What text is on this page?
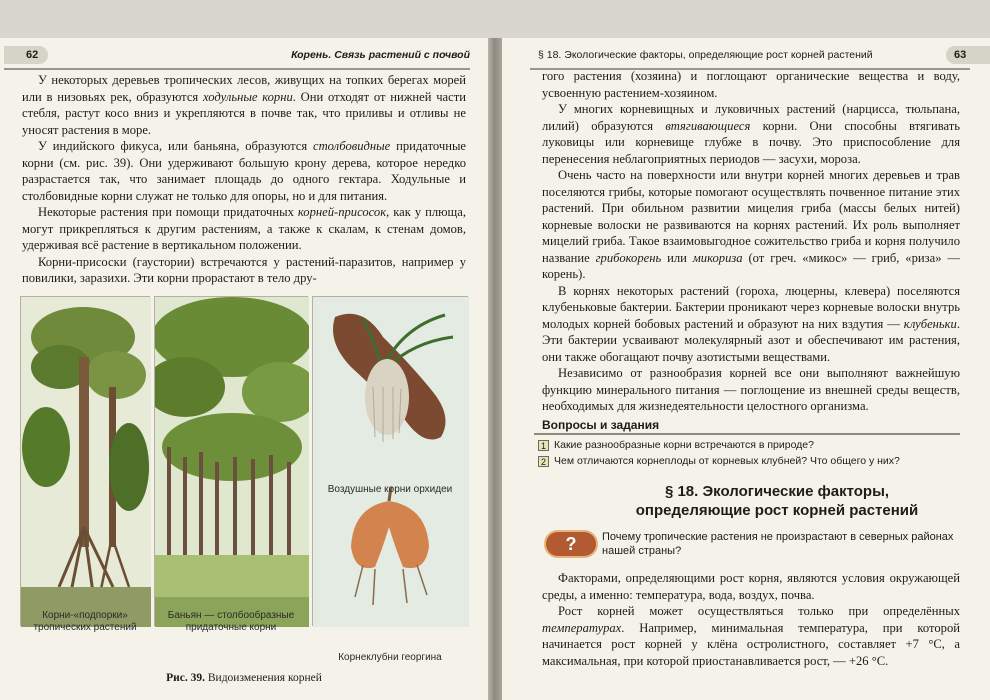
62	Корень. Связь растений с почвой

У некоторых деревьев тропических лесов, живущих на топких берегах морей или в низовьях рек, образуются ходульные корни. Они отходят от нижней части стебля, растут косо вниз и укрепляются в почве так, что приливы и отливы не уносят растения в море.

У индийского фикуса, или баньяна, образуются столбовидные придаточные корни (см. рис. 39). Они удерживают большую крону дерева, которое нередко разрастается так, что занимает площадь до одного гектара. Ходульные и столбовидные корни служат не только для опоры, но и для питания.

Некоторые растения при помощи придаточных корней-присосок, как у плюща, могут прикрепляться к другим растениям, а также к скалам, к стенам домов, удерживая всё растение в вертикальном положении.

Корни-присоски (гаустории) встречаются у растений-паразитов, например у повилики, заразихи. Эти корни прорастают в тело дру-

Корни-«подпорки» тропических растений
Баньян — столбообразные придаточные корни
Воздушные корни орхидеи
Корнеклубни георгина
Рис. 39. Видоизменения корней
§ 18. Экологические факторы, определяющие рост корней растений	63

гого растения (хозяина) и поглощают органические вещества и воду, усвоенную растением-хозяином.

У многих корневищных и луковичных растений (нарцисса, тюльпана, лилий) образуются втягивающиеся корни. Они способны втягивать луковицы или корневище глубже в почву. Это приспособление для перенесения неблагоприятных периодов — засухи, мороза.

Очень часто на поверхности или внутри корней многих деревьев и трав поселяются грибы, которые помогают осуществлять почвенное питание этих растений. При обильном развитии мицелия гриба (массы белых нитей) корневые волоски не развиваются на корнях растений. Их роль выполняет мицелий гриба. Такое взаимовыгодное сожительство гриба и корня получило название грибокорень или микориза (от греч. «микос» — гриб, «риза» — корень).

В корнях некоторых растений (гороха, люцерны, клевера) поселяются клубеньковые бактерии. Бактерии проникают через корневые волоски внутрь молодых корней бобовых растений и образуют на них вздутия — клубеньки. Эти бактерии усваивают молекулярный азот и обеспечивают им растения, они также обогащают почву азотистыми веществами.

Независимо от разнообразия корней все они выполняют важнейшую функцию минерального питания — поглощение из внешней среды веществ, необходимых для жизнедеятельности целостного организма.

Вопросы и задания
1 Какие разнообразные корни встречаются в природе?
2 Чем отличаются корнеплоды от корневых клубней? Что общего у них?
§ 18. Экологические факторы,
определяющие рост корней растений
?	Почему тропические растения не произрастают в северных районах нашей страны?

Факторами, определяющими рост корня, являются условия окружающей среды, а именно: температура, вода, воздух, почва.

Рост корней может осуществляться только при определённых температурах. Например, минимальная температура, при которой начинается рост корней у клёна остролистного, составляет +7 °С, а максимальная, при которой приостанавливается рост, — +26 °С.
